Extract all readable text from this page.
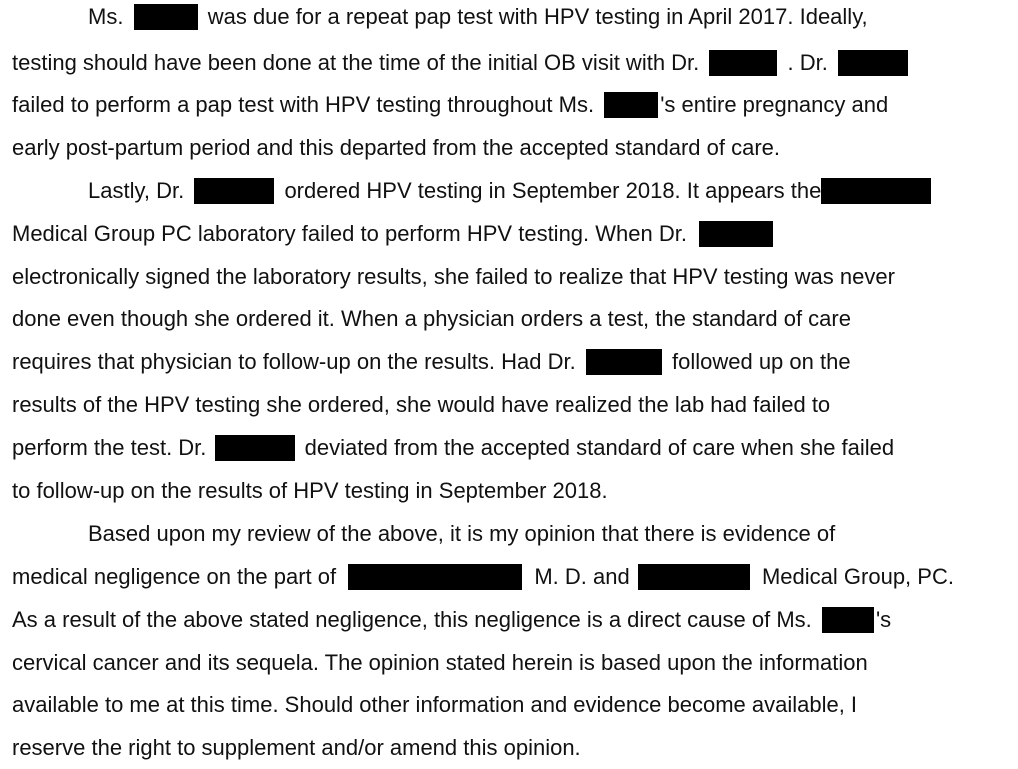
Ms.	was due for a repeat pap test with HPV testing in April 2017. Ideally,
testing should have been done at the time of the initial OB visit with Dr.	. Dr.
failed to perform a pap test with HPV testing throughout Ms.	's entire pregnancy and
early post-partum period and this departed from the accepted standard of care.
Lastly, Dr.	ordered HPV testing in September 2018. It appears the
Medical Group PC laboratory failed to perform HPV testing. When Dr.
electronically signed the laboratory results, she failed to realize that HPV testing was never
done even though she ordered it. When a physician orders a test, the standard of care
requires that physician to follow-up on the results. Had Dr.	followed up on the
results of the HPV testing she ordered, she would have realized the lab had failed to
perform the test. Dr.	deviated from the accepted standard of care when she failed
to follow-up on the results of HPV testing in September 2018.
Based upon my review of the above, it is my opinion that there is evidence of
medical negligence on the part of	M. D. and	Medical Group, PC.
As a result of the above stated negligence, this negligence is a direct cause of Ms.	's
cervical cancer and its sequela. The opinion stated herein is based upon the information
available to me at this time. Should other information and evidence become available, I
reserve the right to supplement and/or amend this opinion.
